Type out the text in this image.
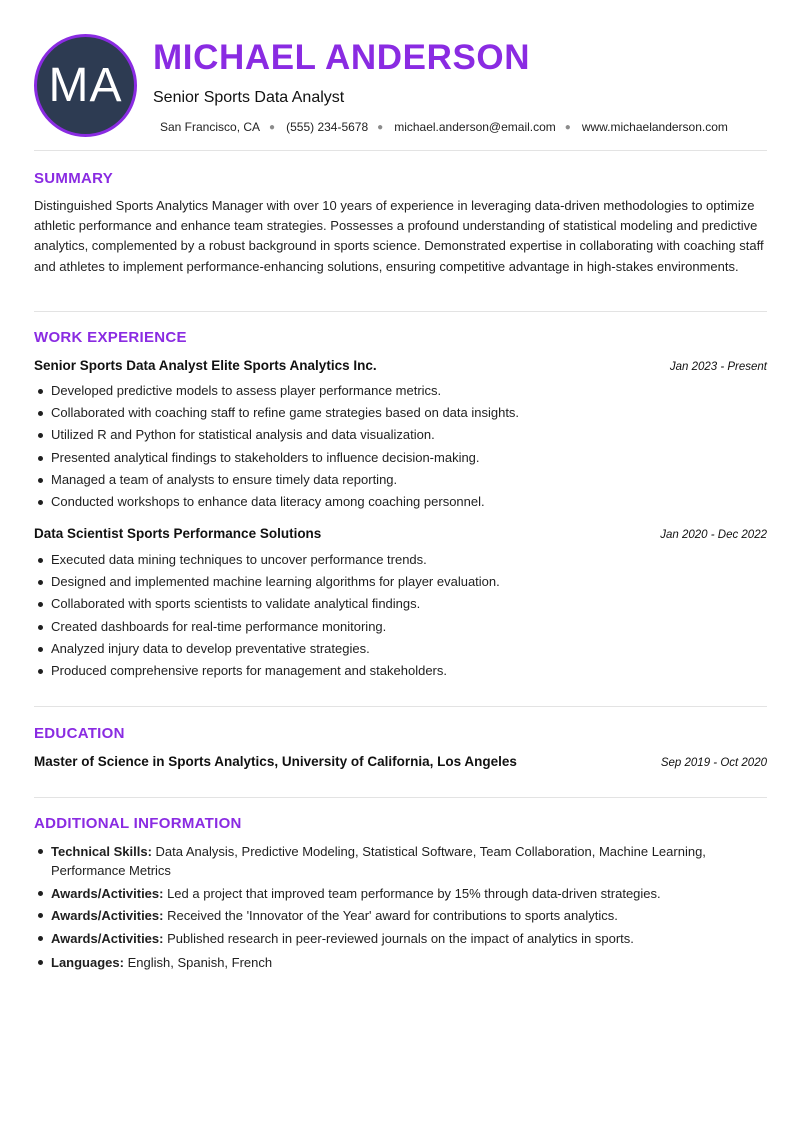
MA
MICHAEL ANDERSON
Senior Sports Data Analyst
San Francisco, CA ● (555) 234-5678 ● michael.anderson@email.com ● www.michaelanderson.com
SUMMARY

Distinguished Sports Analytics Manager with over 10 years of experience in leveraging data-driven methodologies to optimize athletic performance and enhance team strategies. Possesses a profound understanding of statistical modeling and predictive analytics, complemented by a robust background in sports science. Demonstrated expertise in collaborating with coaching staff and athletes to implement performance-enhancing solutions, ensuring competitive advantage in high-stakes environments.

WORK EXPERIENCE
Senior Sports Data Analyst Elite Sports Analytics Inc.	Jan 2023 - Present
Developed predictive models to assess player performance metrics.
Collaborated with coaching staff to refine game strategies based on data insights.
Utilized R and Python for statistical analysis and data visualization.
Presented analytical findings to stakeholders to influence decision-making.
Managed a team of analysts to ensure timely data reporting.
Conducted workshops to enhance data literacy among coaching personnel.
Data Scientist Sports Performance Solutions	Jan 2020 - Dec 2022
Executed data mining techniques to uncover performance trends.
Designed and implemented machine learning algorithms for player evaluation.
Collaborated with sports scientists to validate analytical findings.
Created dashboards for real-time performance monitoring.
Analyzed injury data to develop preventative strategies.
Produced comprehensive reports for management and stakeholders.
EDUCATION
Master of Science in Sports Analytics, University of California, Los Angeles	Sep 2019 - Oct 2020
ADDITIONAL INFORMATION
Technical Skills: Data Analysis, Predictive Modeling, Statistical Software, Team Collaboration, Machine Learning, Performance Metrics
Awards/Activities: Led a project that improved team performance by 15% through data-driven strategies.
Awards/Activities: Received the 'Innovator of the Year' award for contributions to sports analytics.
Awards/Activities: Published research in peer-reviewed journals on the impact of analytics in sports.
Languages: English, Spanish, French
